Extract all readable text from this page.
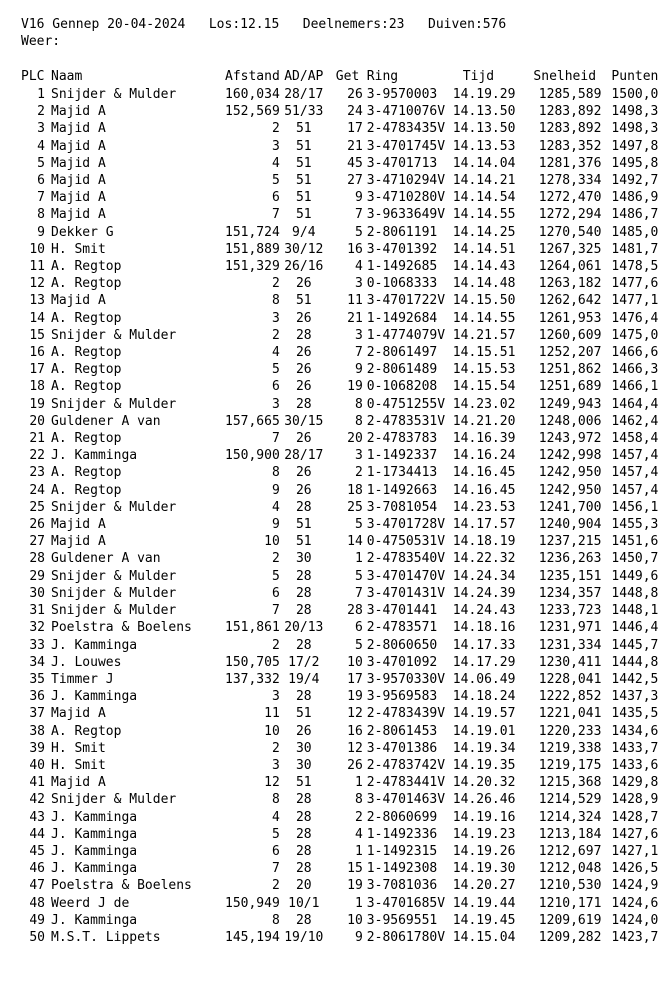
V16 Gennep 20-04-2024   Los:12.15   Deelnemers:23   Duiven:576
Weer:
PLC	Naam	Afstand	AD/AP	Get	Ring	Tijd	Snelheid	Punten
1	Snijder & Mulder	160,034	28/17	26	3-9570003	14.19.29	1285,589	1500,0
2	Majid A	152,569	51/33	24	3-4710076V	14.13.50	1283,892	1498,3
3	Majid A	2	51	17	2-4783435V	14.13.50	1283,892	1498,3
4	Majid A	3	51	21	3-4701745V	14.13.53	1283,352	1497,8
5	Majid A	4	51	45	3-4701713	14.14.04	1281,376	1495,8
6	Majid A	5	51	27	3-4710294V	14.14.21	1278,334	1492,7
7	Majid A	6	51	9	3-4710280V	14.14.54	1272,470	1486,9
8	Majid A	7	51	7	3-9633649V	14.14.55	1272,294	1486,7
9	Dekker G	151,724	9/4	5	2-8061191	14.14.25	1270,540	1485,0
10	H. Smit	151,889	30/12	16	3-4701392	14.14.51	1267,325	1481,7
11	A. Regtop	151,329	26/16	4	1-1492685	14.14.43	1264,061	1478,5
12	A. Regtop	2	26	3	0-1068333	14.14.48	1263,182	1477,6
13	Majid A	8	51	11	3-4701722V	14.15.50	1262,642	1477,1
14	A. Regtop	3	26	21	1-1492684	14.14.55	1261,953	1476,4
15	Snijder & Mulder	2	28	3	1-4774079V	14.21.57	1260,609	1475,0
16	A. Regtop	4	26	7	2-8061497	14.15.51	1252,207	1466,6
17	A. Regtop	5	26	9	2-8061489	14.15.53	1251,862	1466,3
18	A. Regtop	6	26	19	0-1068208	14.15.54	1251,689	1466,1
19	Snijder & Mulder	3	28	8	0-4751255V	14.23.02	1249,943	1464,4
20	Guldener A van	157,665	30/15	8	2-4783531V	14.21.20	1248,006	1462,4
21	A. Regtop	7	26	20	2-4783783	14.16.39	1243,972	1458,4
22	J. Kamminga	150,900	28/17	3	1-1492337	14.16.24	1242,998	1457,4
23	A. Regtop	8	26	2	1-1734413	14.16.45	1242,950	1457,4
24	A. Regtop	9	26	18	1-1492663	14.16.45	1242,950	1457,4
25	Snijder & Mulder	4	28	25	3-7081054	14.23.53	1241,700	1456,1
26	Majid A	9	51	5	3-4701728V	14.17.57	1240,904	1455,3
27	Majid A	10	51	14	0-4750531V	14.18.19	1237,215	1451,6
28	Guldener A van	2	30	1	2-4783540V	14.22.32	1236,263	1450,7
29	Snijder & Mulder	5	28	5	3-4701470V	14.24.34	1235,151	1449,6
30	Snijder & Mulder	6	28	7	3-4701431V	14.24.39	1234,357	1448,8
31	Snijder & Mulder	7	28	28	3-4701441	14.24.43	1233,723	1448,1
32	Poelstra & Boelens	151,861	20/13	6	2-4783571	14.18.16	1231,971	1446,4
33	J. Kamminga	2	28	5	2-8060650	14.17.33	1231,334	1445,7
34	J. Louwes	150,705	17/2	10	3-4701092	14.17.29	1230,411	1444,8
35	Timmer J	137,332	19/4	17	3-9570330V	14.06.49	1228,041	1442,5
36	J. Kamminga	3	28	19	3-9569583	14.18.24	1222,852	1437,3
37	Majid A	11	51	12	2-4783439V	14.19.57	1221,041	1435,5
38	A. Regtop	10	26	16	2-8061453	14.19.01	1220,233	1434,6
39	H. Smit	2	30	12	3-4701386	14.19.34	1219,338	1433,7
40	H. Smit	3	30	26	2-4783742V	14.19.35	1219,175	1433,6
41	Majid A	12	51	1	2-4783441V	14.20.32	1215,368	1429,8
42	Snijder & Mulder	8	28	8	3-4701463V	14.26.46	1214,529	1428,9
43	J. Kamminga	4	28	2	2-8060699	14.19.16	1214,324	1428,7
44	J. Kamminga	5	28	4	1-1492336	14.19.23	1213,184	1427,6
45	J. Kamminga	6	28	1	1-1492315	14.19.26	1212,697	1427,1
46	J. Kamminga	7	28	15	1-1492308	14.19.30	1212,048	1426,5
47	Poelstra & Boelens	2	20	19	3-7081036	14.20.27	1210,530	1424,9
48	Weerd J de	150,949	10/1	1	3-4701685V	14.19.44	1210,171	1424,6
49	J. Kamminga	8	28	10	3-9569551	14.19.45	1209,619	1424,0
50	M.S.T. Lippets	145,194	19/10	9	2-8061780V	14.15.04	1209,282	1423,7
